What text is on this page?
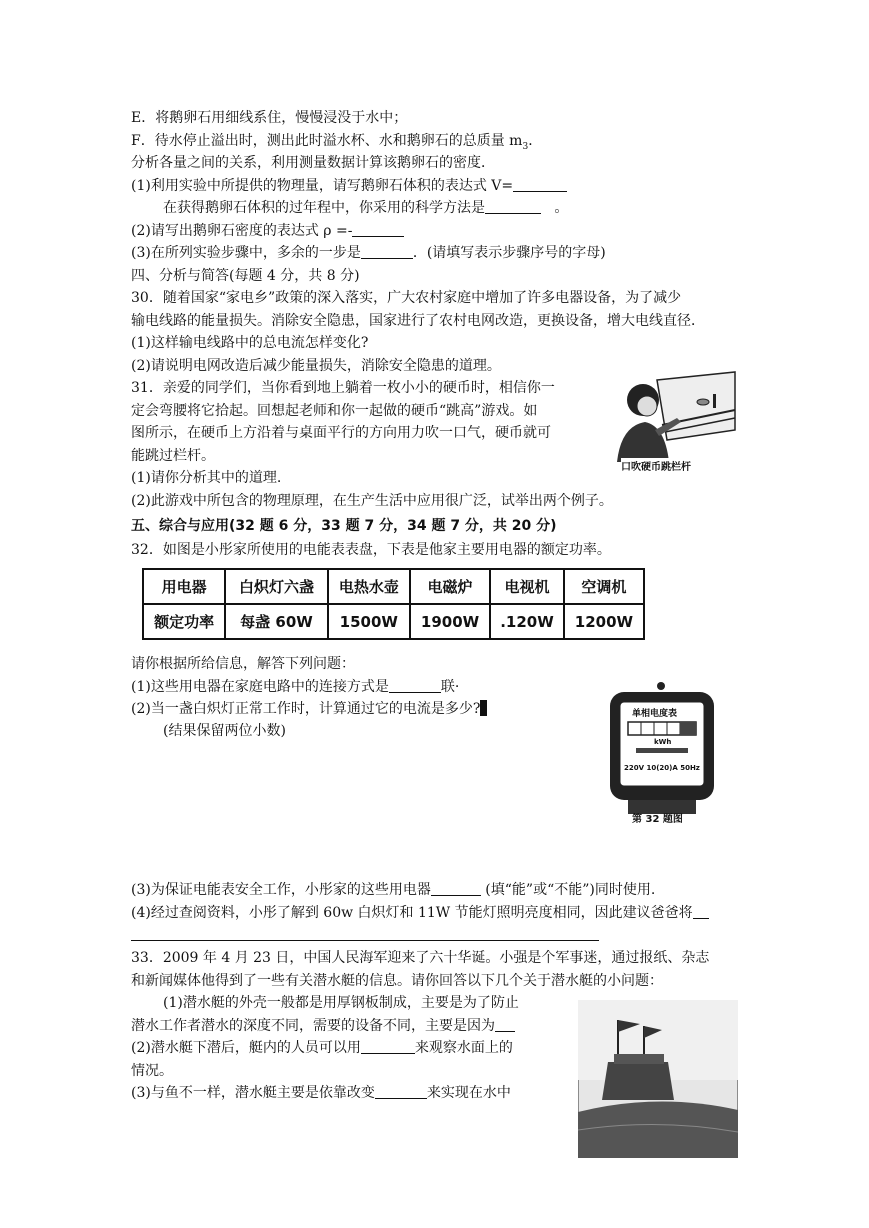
E．将鹅卵石用细线系住，慢慢浸没于水中；
F．待水停止溢出时，测出此时溢水杯、水和鹅卵石的总质量 $m_3$．
分析各量之间的关系，利用测量数据计算该鹅卵石的密度．
(1)利用实验中所提供的物理量，请写鹅卵石体积的表达式 V=
在获得鹅卵石体积的过年程中，你采用的科学方法是	。
(2)请写出鹅卵石密度的表达式 ρ =-
(3)在所列实验步骤中，多余的一步是	．(请填写表示步骤序号的字母)
四、分析与简答(每题 4 分，共 8 分)
30．随着国家“家电乡”政策的深入落实，广大农村家庭中增加了许多电器设备，为了减少
输电线路的能量损失。消除安全隐患，国家进行了农村电网改造，更换设备，增大电线直径．
(1)这样输电线路中的总电流怎样变化?
(2)请说明电网改造后减少能量损失，消除安全隐患的道理。
31．亲爱的同学们，当你看到地上躺着一枚小小的硬币时，相信你一
定会弯腰将它拾起。回想起老师和你一起做的硬币“跳高”游戏。如
图所示，在硬币上方沿着与桌面平行的方向用力吹一口气，硬币就可
能跳过栏杆。
(1)请你分析其中的道理.
(2)此游戏中所包含的物理原理，在生产生活中应用很广泛，试举出两个例子。
口吹硬币跳栏杆
五、综合与应用(32 题 6 分，33 题 7 分，34 题 7 分，共 20 分)
32．如图是小彤家所使用的电能表表盘，下表是他家主要用电器的额定功率。
用电器	白炽灯六盏	电热水壶	电磁炉	电视机	空调机
额定功率	每盏 60W	1500W	1900W	.120W	1200W
请你根据所给信息，解答下列问题：
(1)这些用电器在家庭电路中的连接方式是	联·
(2)当一盏白炽灯正常工作时，计算通过它的电流是多少?
(结果保留两位小数)
单相电度表
kWh
220V 10(20)A 50Hz
第 32 题图
(3)为保证电能表安全工作，小彤家的这些用电器	(填“能”或“不能”)同时使用.
(4)经过查阅资料，小彤了解到 60w 白炽灯和 11W 节能灯照明亮度相同，因此建议爸爸将
33．2009 年 4 月 23 日，中国人民海军迎来了六十华诞。小强是个军事迷，通过报纸、杂志
和新闻媒体他得到了一些有关潜水艇的信息。请你回答以下几个关于潜水艇的小问题：
(1)潜水艇的外壳一般都是用厚钢板制成，主要是为了防止
潜水工作者潜水的深度不同，需要的设备不同，主要是因为
(2)潜水艇下潜后，艇内的人员可以用	来观察水面上的
情况。
(3)与鱼不一样，潜水艇主要是依靠改变	来实现在水中
